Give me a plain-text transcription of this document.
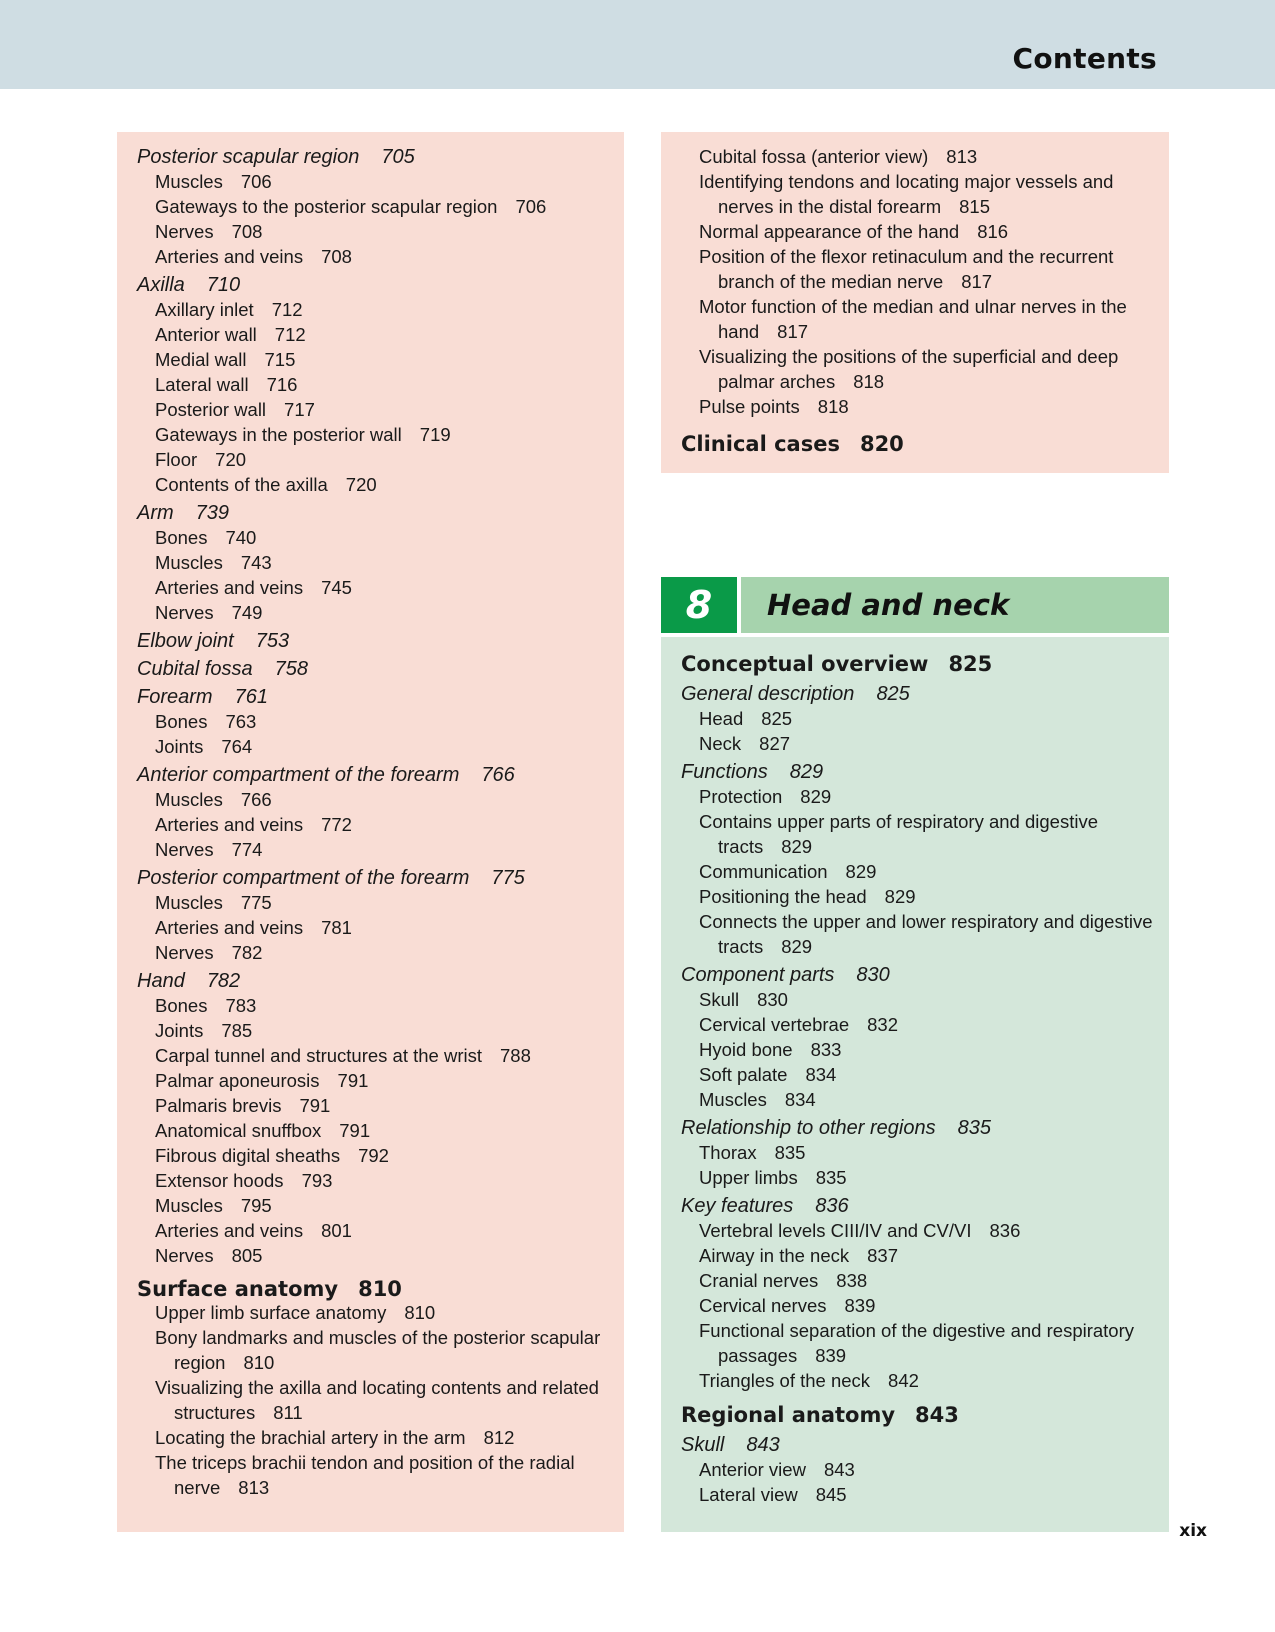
Contents
Posterior scapular region 705
Muscles 706
Gateways to the posterior scapular region 706
Nerves 708
Arteries and veins 708
Axilla 710
Axillary inlet 712
Anterior wall 712
Medial wall 715
Lateral wall 716
Posterior wall 717
Gateways in the posterior wall 719
Floor 720
Contents of the axilla 720
Arm 739
Bones 740
Muscles 743
Arteries and veins 745
Nerves 749
Elbow joint 753
Cubital fossa 758
Forearm 761
Bones 763
Joints 764
Anterior compartment of the forearm 766
Muscles 766
Arteries and veins 772
Nerves 774
Posterior compartment of the forearm 775
Muscles 775
Arteries and veins 781
Nerves 782
Hand 782
Bones 783
Joints 785
Carpal tunnel and structures at the wrist 788
Palmar aponeurosis 791
Palmaris brevis 791
Anatomical snuffbox 791
Fibrous digital sheaths 792
Extensor hoods 793
Muscles 795
Arteries and veins 801
Nerves 805
Surface anatomy 810
Upper limb surface anatomy 810
Bony landmarks and muscles of the posterior scapular
region 810
Visualizing the axilla and locating contents and related
structures 811
Locating the brachial artery in the arm 812
The triceps brachii tendon and position of the radial
nerve 813
Cubital fossa (anterior view) 813
Identifying tendons and locating major vessels and
nerves in the distal forearm 815
Normal appearance of the hand 816
Position of the flexor retinaculum and the recurrent
branch of the median nerve 817
Motor function of the median and ulnar nerves in the
hand 817
Visualizing the positions of the superficial and deep
palmar arches 818
Pulse points 818
Clinical cases 820
Conceptual overview 825
General description 825
Head 825
Neck 827
Functions 829
Protection 829
Contains upper parts of respiratory and digestive
tracts 829
Communication 829
Positioning the head 829
Connects the upper and lower respiratory and digestive
tracts 829
Component parts 830
Skull 830
Cervical vertebrae 832
Hyoid bone 833
Soft palate 834
Muscles 834
Relationship to other regions 835
Thorax 835
Upper limbs 835
Key features 836
Vertebral levels CIII/IV and CV/VI 836
Airway in the neck 837
Cranial nerves 838
Cervical nerves 839
Functional separation of the digestive and respiratory
passages 839
Triangles of the neck 842
Regional anatomy 843
Skull 843
Anterior view 843
Lateral view 845
8	Head and neck
xix
